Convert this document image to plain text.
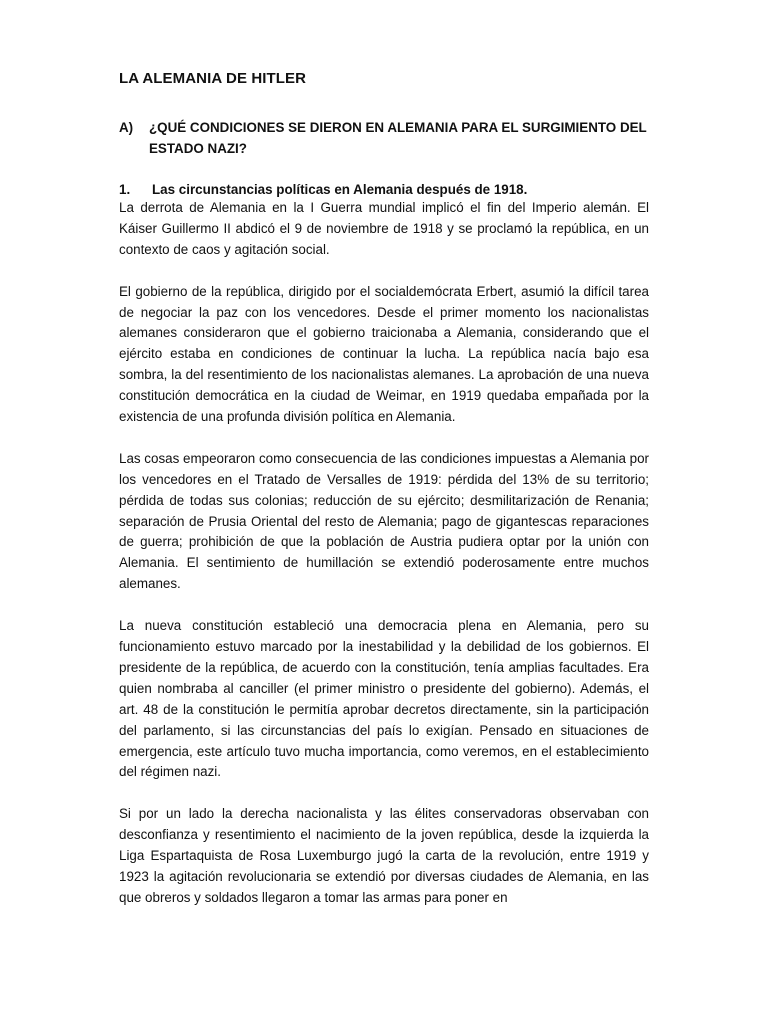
LA ALEMANIA DE HITLER
A) ¿QUÉ CONDICIONES SE DIERON EN ALEMANIA PARA EL SURGIMIENTO DEL ESTADO NAZI?
1. Las circunstancias políticas en Alemania después de 1918.

La derrota de Alemania en la I Guerra mundial implicó el fin del Imperio alemán. El Káiser Guillermo II abdicó el 9 de noviembre de 1918 y se proclamó la república, en un contexto de caos y agitación social.

El gobierno de la república, dirigido por el socialdemócrata Erbert, asumió la difícil tarea de negociar la paz con los vencedores. Desde el primer momento los nacionalistas alemanes consideraron que el gobierno traicionaba a Alemania, considerando que el ejército estaba en condiciones de continuar la lucha. La república nacía bajo esa sombra, la del resentimiento de los nacionalistas alemanes. La aprobación de una nueva constitución democrática en la ciudad de Weimar, en 1919 quedaba empañada por la existencia de una profunda división política en Alemania.

Las cosas empeoraron como consecuencia de las condiciones impuestas a Alemania por los vencedores en el Tratado de Versalles de 1919: pérdida del 13% de su territorio; pérdida de todas sus colonias; reducción de su ejército; desmilitarización de Renania; separación de Prusia Oriental del resto de Alemania; pago de gigantescas reparaciones de guerra; prohibición de que la población de Austria pudiera optar por la unión con Alemania. El sentimiento de humillación se extendió poderosamente entre muchos alemanes.

La nueva constitución estableció una democracia plena en Alemania, pero su funcionamiento estuvo marcado por la inestabilidad y la debilidad de los gobiernos. El presidente de la república, de acuerdo con la constitución, tenía amplias facultades. Era quien nombraba al canciller (el primer ministro o presidente del gobierno). Además, el art. 48 de la constitución le permitía aprobar decretos directamente, sin la participación del parlamento, si las circunstancias del país lo exigían. Pensado en situaciones de emergencia, este artículo tuvo mucha importancia, como veremos, en el establecimiento del régimen nazi.

Si por un lado la derecha nacionalista y las élites conservadoras observaban con desconfianza y resentimiento el nacimiento de la joven república, desde la izquierda la Liga Espartaquista de Rosa Luxemburgo jugó la carta de la revolución, entre 1919 y 1923 la agitación revolucionaria se extendió por diversas ciudades de Alemania, en las que obreros y soldados llegaron a tomar las armas para poner en
